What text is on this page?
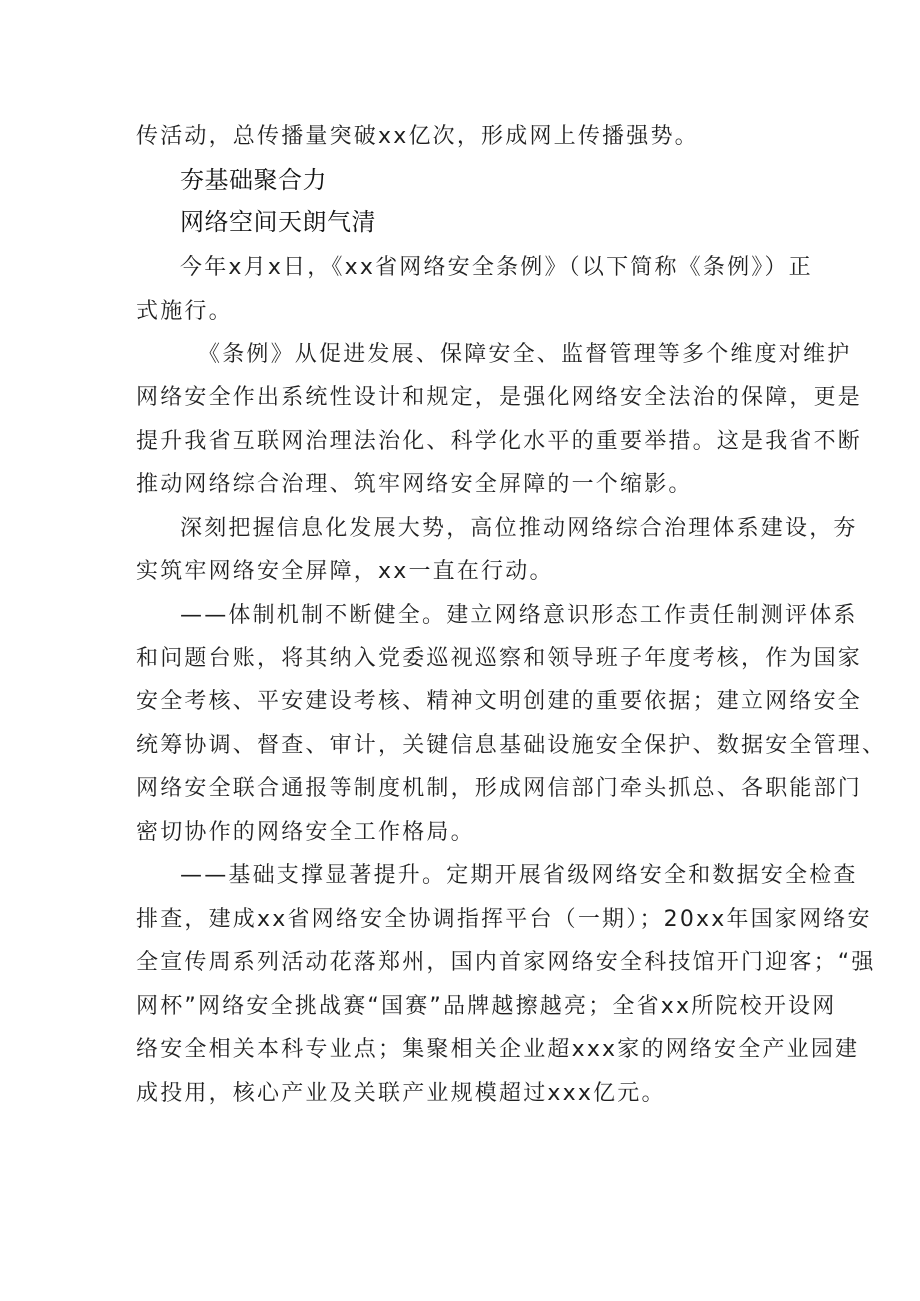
传活动，总传播量突破xx亿次，形成网上传播强势。
夯基础聚合力
网络空间天朗气清
今年x月x日，《xx省网络安全条例》（以下简称《条例》）正
式施行。
《条例》从促进发展、保障安全、监督管理等多个维度对维护
网络安全作出系统性设计和规定，是强化网络安全法治的保障，更是
提升我省互联网治理法治化、科学化水平的重要举措。这是我省不断
推动网络综合治理、筑牢网络安全屏障的一个缩影。
深刻把握信息化发展大势，高位推动网络综合治理体系建设，夯
实筑牢网络安全屏障，xx一直在行动。
——体制机制不断健全。建立网络意识形态工作责任制测评体系
和问题台账，将其纳入党委巡视巡察和领导班子年度考核，作为国家
安全考核、平安建设考核、精神文明创建的重要依据；建立网络安全
统筹协调、督查、审计，关键信息基础设施安全保护、数据安全管理、
网络安全联合通报等制度机制，形成网信部门牵头抓总、各职能部门
密切协作的网络安全工作格局。
——基础支撑显著提升。定期开展省级网络安全和数据安全检查
排查，建成xx省网络安全协调指挥平台（一期）；20xx年国家网络安
全宣传周系列活动花落郑州，国内首家网络安全科技馆开门迎客；“强
网杯”网络安全挑战赛“国赛”品牌越擦越亮；全省xx所院校开设网
络安全相关本科专业点；集聚相关企业超xxx家的网络安全产业园建
成投用，核心产业及关联产业规模超过xxx亿元。
